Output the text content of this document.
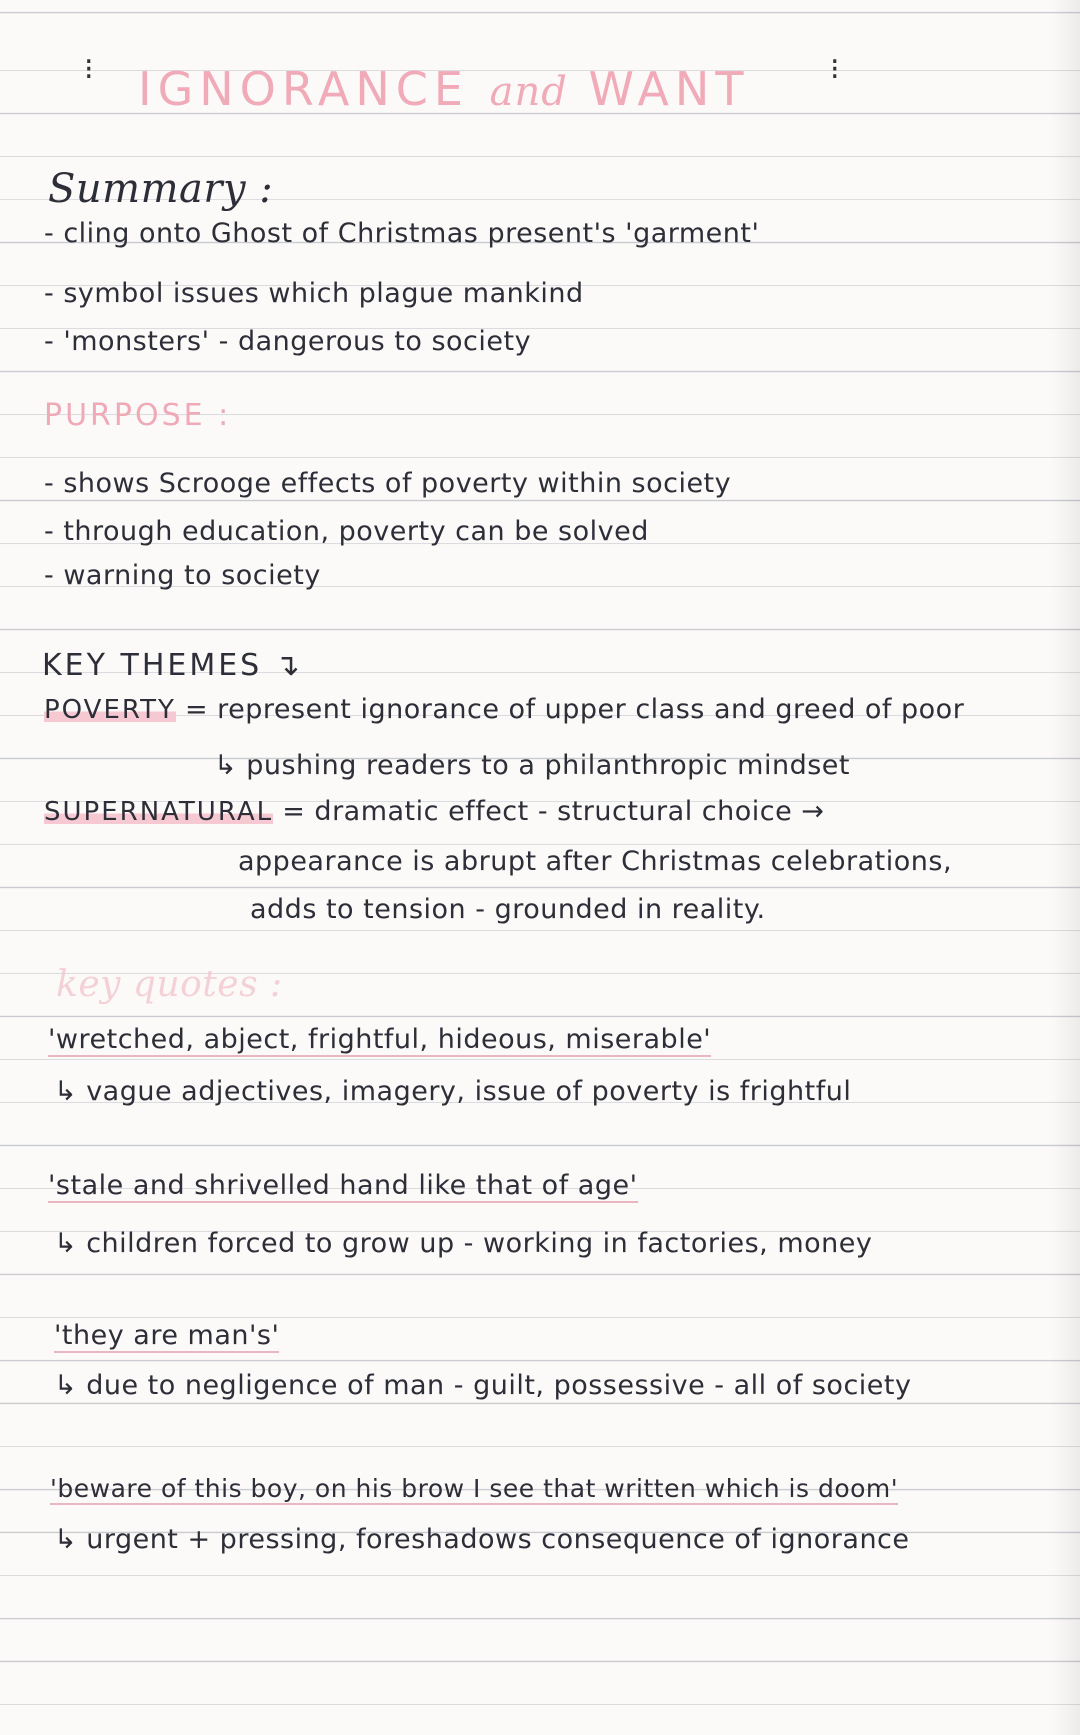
⁝ IGNORANCE and WANT	⁝
Summary :
- cling onto Ghost of Christmas present's 'garment'
- symbol issues which plague mankind
- 'monsters' - dangerous to society
PURPOSE :
- shows Scrooge effects of poverty within society
- through education, poverty can be solved
- warning to society
KEY THEMES ↴
POVERTY = represent ignorance of upper class and greed of poor
↳ pushing readers to a philanthropic mindset
SUPERNATURAL = dramatic effect - structural choice →
appearance is abrupt after Christmas celebrations,
adds to tension - grounded in reality.
key quotes :
'wretched, abject, frightful, hideous, miserable'
↳ vague adjectives, imagery, issue of poverty is frightful
'stale and shrivelled hand like that of age'
↳ children forced to grow up - working in factories, money
'they are man's'
↳ due to negligence of man - guilt, possessive - all of society
'beware of this boy, on his brow I see that written which is doom'
↳ urgent + pressing, foreshadows consequence of ignorance
